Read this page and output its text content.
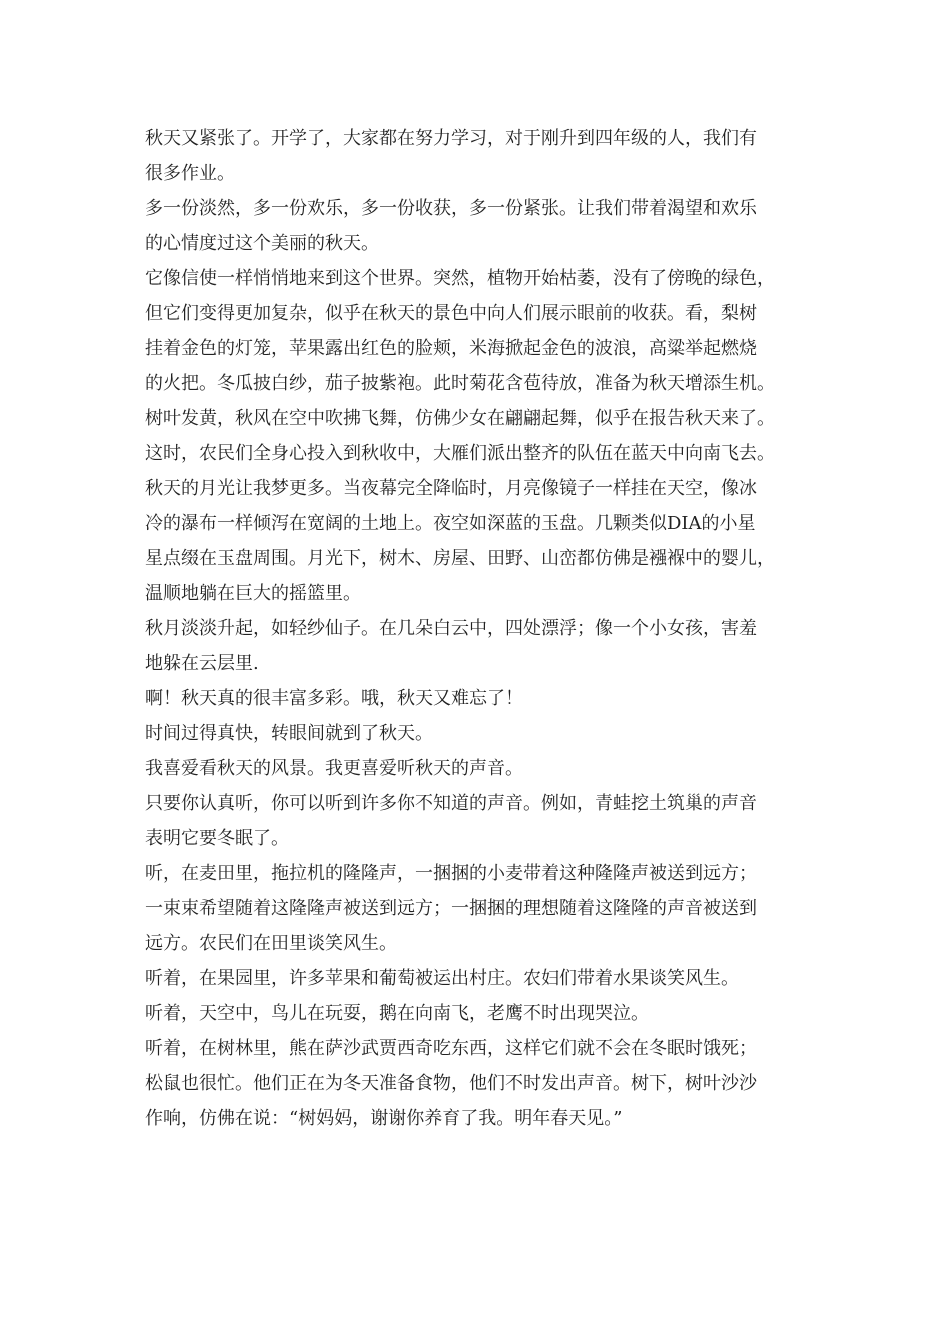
秋天又紧张了。开学了，大家都在努力学习，对于刚升到四年级的人，我们有
很多作业。

多一份淡然，多一份欢乐，多一份收获，多一份紧张。让我们带着渴望和欢乐
的心情度过这个美丽的秋天。

它像信使一样悄悄地来到这个世界。突然，植物开始枯萎，没有了傍晚的绿色，
但它们变得更加复杂，似乎在秋天的景色中向人们展示眼前的收获。看，梨树
挂着金色的灯笼，苹果露出红色的脸颊，米海掀起金色的波浪，高粱举起燃烧
的火把。冬瓜披白纱，茄子披紫袍。此时菊花含苞待放，准备为秋天增添生机。
树叶发黄，秋风在空中吹拂飞舞，仿佛少女在翩翩起舞，似乎在报告秋天来了。
这时，农民们全身心投入到秋收中，大雁们派出整齐的队伍在蓝天中向南飞去。

秋天的月光让我梦更多。当夜幕完全降临时，月亮像镜子一样挂在天空，像冰
冷的瀑布一样倾泻在宽阔的土地上。夜空如深蓝的玉盘。几颗类似DIA的小星
星点缀在玉盘周围。月光下，树木、房屋、田野、山峦都仿佛是襁褓中的婴儿，
温顺地躺在巨大的摇篮里。

秋月淡淡升起，如轻纱仙子。在几朵白云中，四处漂浮；像一个小女孩，害羞
地躲在云层里.

啊！秋天真的很丰富多彩。哦，秋天又难忘了！

时间过得真快，转眼间就到了秋天。

我喜爱看秋天的风景。我更喜爱听秋天的声音。

只要你认真听，你可以听到许多你不知道的声音。例如，青蛙挖土筑巢的声音
表明它要冬眠了。

听，在麦田里，拖拉机的隆隆声，一捆捆的小麦带着这种隆隆声被送到远方；
一束束希望随着这隆隆声被送到远方；一捆捆的理想随着这隆隆的声音被送到
远方。农民们在田里谈笑风生。

听着，在果园里，许多苹果和葡萄被运出村庄。农妇们带着水果谈笑风生。

听着，天空中，鸟儿在玩耍，鹅在向南飞，老鹰不时出现哭泣。

听着，在树林里，熊在萨沙武贾西奇吃东西，这样它们就不会在冬眠时饿死；
松鼠也很忙。他们正在为冬天准备食物，他们不时发出声音。树下，树叶沙沙
作响，仿佛在说：“树妈妈，谢谢你养育了我。明年春天见。”
